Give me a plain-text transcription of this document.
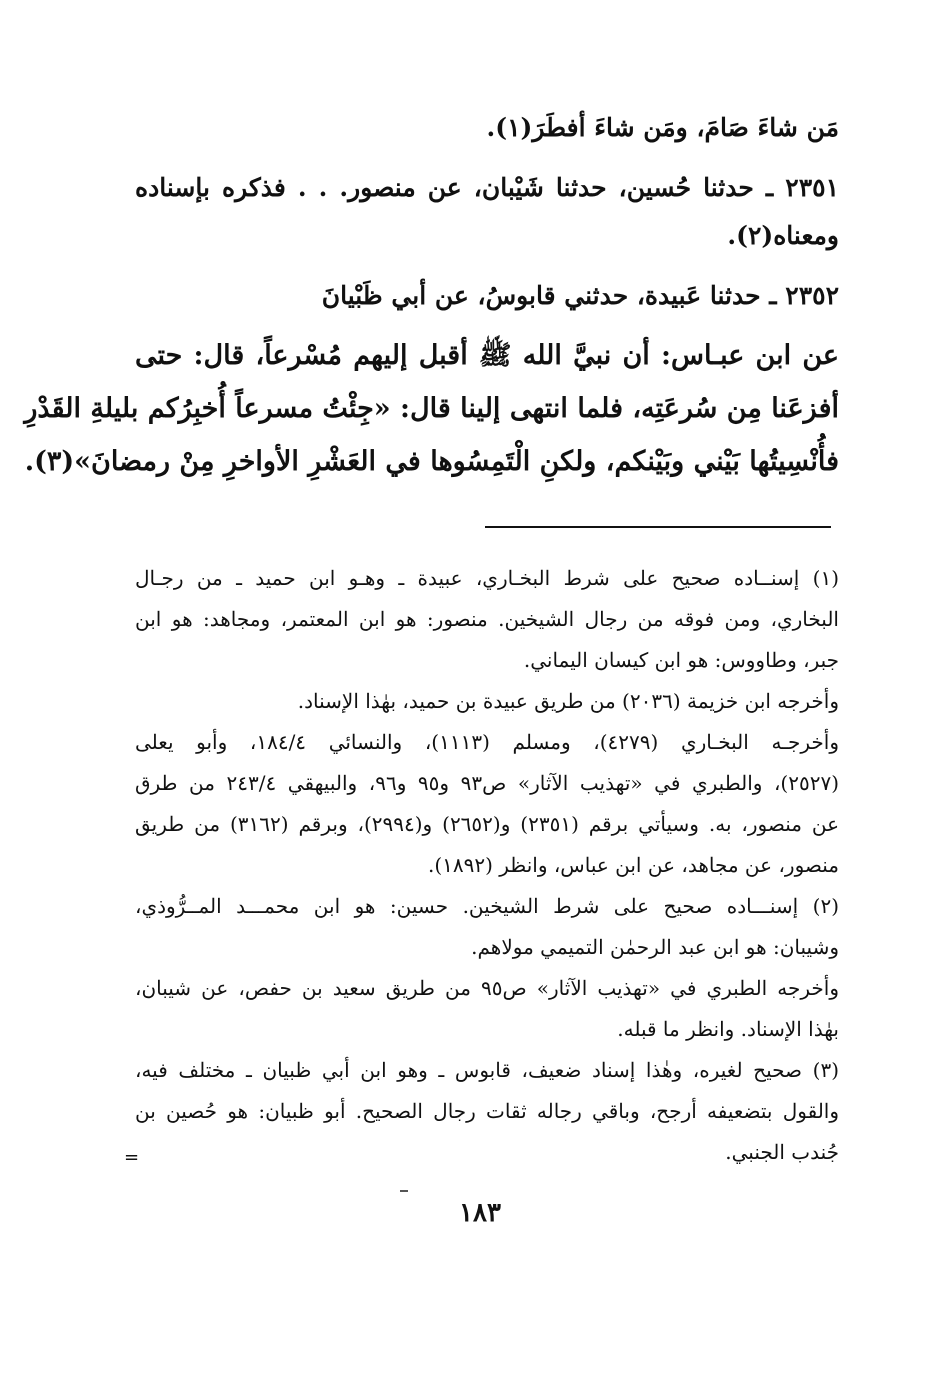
مَن شاءَ صَامَ، ومَن شاءَ أفطَرَ(١).
٢٣٥١ ـ حدثنا حُسين، حدثنا شَيْبان، عن منصور. . . فذكره بإسناده
ومعناه(٢).
٢٣٥٢ ـ حدثنا عَبيدة، حدثني قابوسُ، عن أبي ظَبْيانَ
عن ابن عبـاس: أن نبيَّ الله ﷺ أقبل إليهم مُسْرعاً، قال: حتى
أفزعَنا مِن سُرعَتِه، فلما انتهى إلينا قال: «جِئْتُ مسرعاً أُخبِرُكم بليلةِ القَدْرِ
فأُنْسِيتُها بَيْني وبَيْنكم، ولكنِ الْتَمِسُوها في العَشْرِ الأواخرِ مِنْ رمضانَ»(٣).
(١) إسنــاده صحيح على شرط البخـاري، عبيدة ـ وهـو ابن حميد ـ من رجـال
البخاري، ومن فوقه من رجال الشيخين. منصور: هو ابن المعتمر، ومجاهد: هو ابن
جبر، وطاووس: هو ابن كيسان اليماني.
وأخرجه ابن خزيمة (٢٠٣٦) من طريق عبيدة بن حميد، بهٰذا الإسناد.
وأخرجـه البخـاري (٤٢٧٩)، ومسلم (١١١٣)، والنسائي ١٨٤/٤، وأبو يعلى
(٢٥٢٧)، والطبري في «تهذيب الآثار» ص٩٣ و٩٥ و٩٦، والبيهقي ٢٤٣/٤ من طرق
عن منصور، به. وسيأتي برقم (٢٣٥١) و(٢٦٥٢) و(٢٩٩٤)، وبرقم (٣١٦٢) من طريق
منصور، عن مجاهد، عن ابن عباس، وانظر (١٨٩٢).
(٢) إسنـــاده صحيح على شرط الشيخين. حسين: هو ابن محمـــد المــرُّوذي،
وشيبان: هو ابن عبد الرحمٰن التميمي مولاهم.
وأخرجه الطبري في «تهذيب الآثار» ص٩٥ من طريق سعيد بن حفص، عن شيبان،
بهٰذا الإسناد. وانظر ما قبله.
(٣) صحيح لغيره، وهٰذا إسناد ضعيف، قابوس ـ وهو ابن أبي ظبيان ـ مختلف فيه،
والقول بتضعيفه أرجح، وباقي رجاله ثقات رجال الصحيح. أبو ظبيان: هو حُصين بن
جُندب الجنبي.
=
١٨٣
